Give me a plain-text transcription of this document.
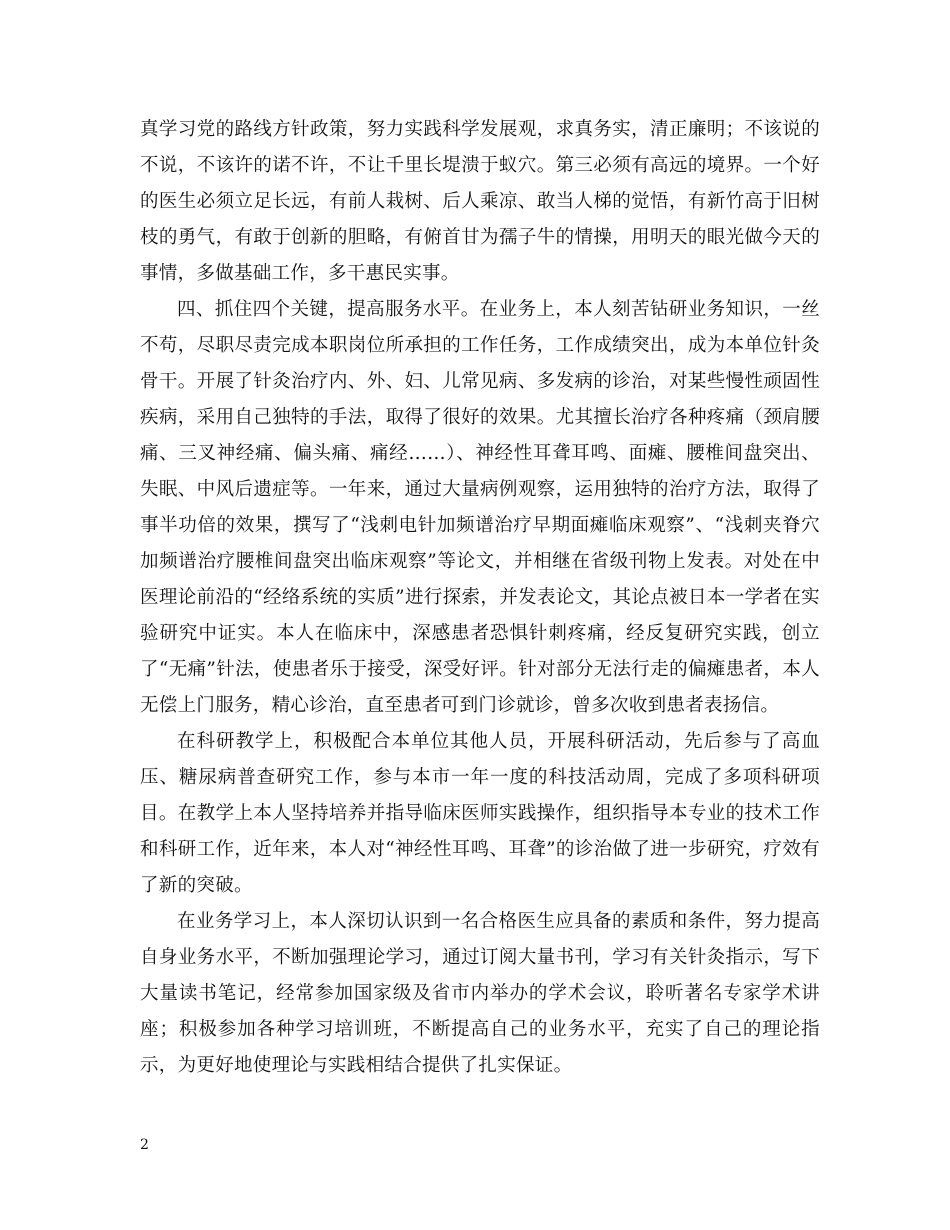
真学习党的路线方针政策，努力实践科学发展观，求真务实，清正廉明；不该说的不说，不该许的诺不许，不让千里长堤溃于蚁穴。第三必须有高远的境界。一个好的医生必须立足长远，有前人栽树、后人乘凉、敢当人梯的觉悟，有新竹高于旧树枝的勇气，有敢于创新的胆略，有俯首甘为孺子牛的情操，用明天的眼光做今天的事情，多做基础工作，多干惠民实事。

四、抓住四个关键，提高服务水平。在业务上，本人刻苦钻研业务知识，一丝不苟，尽职尽责完成本职岗位所承担的工作任务，工作成绩突出，成为本单位针灸骨干。开展了针灸治疗内、外、妇、儿常见病、多发病的诊治，对某些慢性顽固性疾病，采用自己独特的手法，取得了很好的效果。尤其擅长治疗各种疼痛（颈肩腰痛、三叉神经痛、偏头痛、痛经……）、神经性耳聋耳鸣、面瘫、腰椎间盘突出、失眠、中风后遗症等。一年来，通过大量病例观察，运用独特的治疗方法，取得了事半功倍的效果，撰写了“浅刺电针加频谱治疗早期面瘫临床观察”、“浅刺夹脊穴加频谱治疗腰椎间盘突出临床观察”等论文，并相继在省级刊物上发表。对处在中医理论前沿的“经络系统的实质”进行探索，并发表论文，其论点被日本一学者在实验研究中证实。本人在临床中，深感患者恐惧针刺疼痛，经反复研究实践，创立了“无痛”针法，使患者乐于接受，深受好评。针对部分无法行走的偏瘫患者，本人无偿上门服务，精心诊治，直至患者可到门诊就诊，曾多次收到患者表扬信。

在科研教学上，积极配合本单位其他人员，开展科研活动，先后参与了高血压、糖尿病普查研究工作，参与本市一年一度的科技活动周，完成了多项科研项目。在教学上本人坚持培养并指导临床医师实践操作，组织指导本专业的技术工作和科研工作，近年来，本人对“神经性耳鸣、耳聋”的诊治做了进一步研究，疗效有了新的突破。

在业务学习上，本人深切认识到一名合格医生应具备的素质和条件，努力提高自身业务水平，不断加强理论学习，通过订阅大量书刊，学习有关针灸指示，写下大量读书笔记，经常参加国家级及省市内举办的学术会议，聆听著名专家学术讲座；积极参加各种学习培训班，不断提高自己的业务水平，充实了自己的理论指示，为更好地使理论与实践相结合提供了扎实保证。

2
